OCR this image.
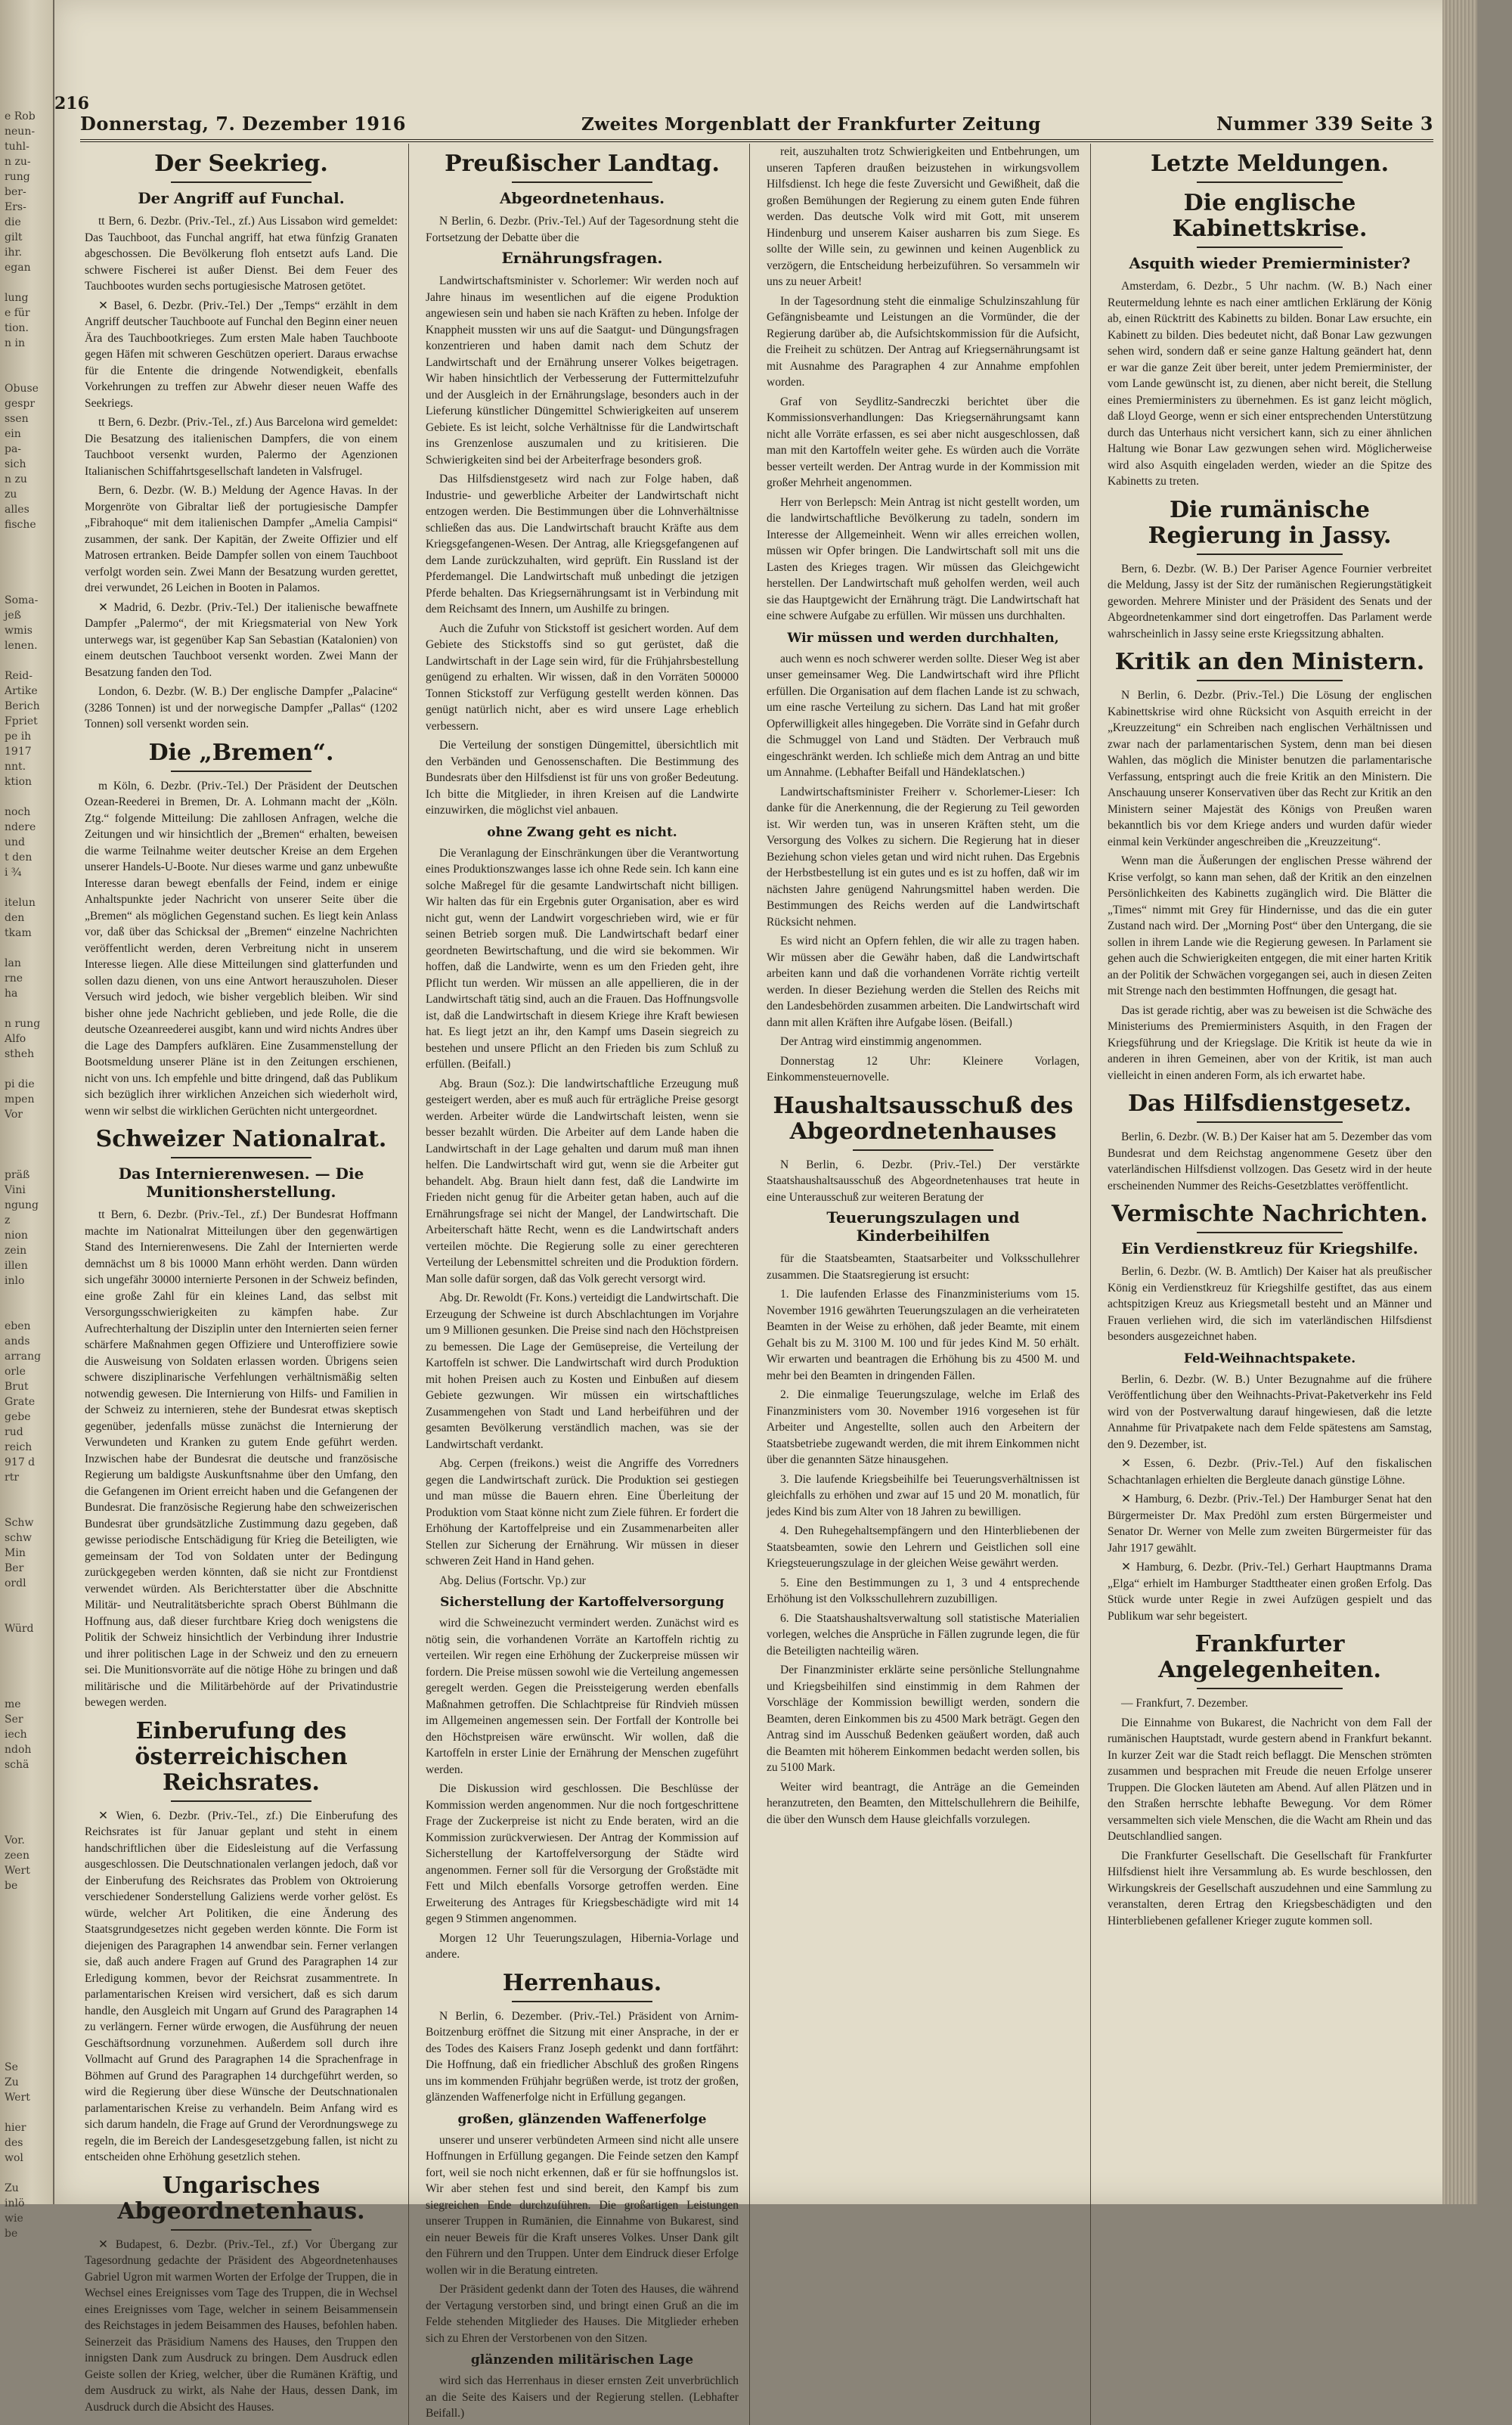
e Rob
neun-
tuhl-
n zu-
rung
ber-
Ers-
die
gilt
ihr.
egan

lung
e für
tion.
n in

Obuse
gespr
ssen
ein
pa-
sich
n zu
zu
alles
fische

Soma-
jeß
wmis
lenen.

Reid-
Artike
Berich
Fpriet
pe ih
1917
nnt.
ktion

noch
ndere
und
t den
i ¾

itelun
den
tkam

lan
rne
ha

n rung
Alfo
stheh

pi die
mpen
Vor

präß
Vini
ngung
z
nion
zein
illen
inlo

eben
ands
arrang
orle
Brut
Grate
gebe
rud
reich
917 d
rtr

Schw
schw
Min
Ber
ordl

Würd

me
Ser
iech
ndoh
schä

Vor.
zeen
Wert
be

Se
Zu
Wert

hier
des
wol

Zu
inlö
wie
be
216
Donnerstag, 7. Dezember 1916	Zweites Morgenblatt der Frankfurter Zeitung	Nummer 339 Seite 3
Der Seekrieg.
Der Angriff auf Funchal.

tt Bern, 6. Dezbr. (Priv.-Tel., zf.) Aus Lissabon wird gemeldet: Das Tauchboot, das Funchal angriff, hat etwa fünfzig Granaten abgeschossen. Die Bevölkerung floh entsetzt aufs Land. Die schwere Fischerei ist außer Dienst. Bei dem Feuer des Tauchbootes wurden sechs portugiesische Matrosen getötet.

✕ Basel, 6. Dezbr. (Priv.-Tel.) Der „Temps“ erzählt in dem Angriff deutscher Tauchboote auf Funchal den Beginn einer neuen Ära des Tauchbootkrieges. Zum ersten Male haben Tauchboote gegen Häfen mit schweren Geschützen operiert. Daraus erwachse für die Entente die dringende Notwendigkeit, ebenfalls Vorkehrungen zu treffen zur Abwehr dieser neuen Waffe des Seekriegs.

tt Bern, 6. Dezbr. (Priv.-Tel., zf.) Aus Barcelona wird gemeldet: Die Besatzung des italienischen Dampfers, die von einem Tauchboot versenkt wurden, Palermo der Agenzionen Italianischen Schiffahrtsgesellschaft landeten in Valsfrugel.

Bern, 6. Dezbr. (W. B.) Meldung der Agence Havas. In der Morgenröte von Gibraltar ließ der portugiesische Dampfer „Fibrahoque“ mit dem italienischen Dampfer „Amelia Campisi“ zusammen, der sank. Der Kapitän, der Zweite Offizier und elf Matrosen ertranken. Beide Dampfer sollen von einem Tauchboot verfolgt worden sein. Zwei Mann der Besatzung wurden gerettet, drei verwundet, 26 Leichen in Booten in Palamos.

✕ Madrid, 6. Dezbr. (Priv.-Tel.) Der italienische bewaffnete Dampfer „Palermo“, der mit Kriegsmaterial von New York unterwegs war, ist gegenüber Kap San Sebastian (Katalonien) von einem deutschen Tauchboot versenkt worden. Zwei Mann der Besatzung fanden den Tod.

London, 6. Dezbr. (W. B.) Der englische Dampfer „Palacine“ (3286 Tonnen) ist und der norwegische Dampfer „Pallas“ (1202 Tonnen) soll versenkt worden sein.

Die „Bremen“.

m Köln, 6. Dezbr. (Priv.-Tel.) Der Präsident der Deutschen Ozean-Reederei in Bremen, Dr. A. Lohmann macht der „Köln. Ztg.“ folgende Mitteilung: Die zahllosen Anfragen, welche die Zeitungen und wir hinsichtlich der „Bremen“ erhalten, beweisen die warme Teilnahme weiter deutscher Kreise an dem Ergehen unserer Handels-U-Boote. Nur dieses warme und ganz unbewußte Interesse daran bewegt ebenfalls der Feind, indem er einige Anhaltspunkte jeder Nachricht von unserer Seite über die „Bremen“ als möglichen Gegenstand suchen. Es liegt kein Anlass vor, daß über das Schicksal der „Bremen“ einzelne Nachrichten veröffentlicht werden, deren Verbreitung nicht in unserem Interesse liegen. Alle diese Mitteilungen sind glatterfunden und sollen dazu dienen, von uns eine Antwort herauszuholen. Dieser Versuch wird jedoch, wie bisher vergeblich bleiben. Wir sind bisher ohne jede Nachricht geblieben, und jede Rolle, die die deutsche Ozeanreederei ausgibt, kann und wird nichts Andres über die Lage des Dampfers aufklären. Eine Zusammenstellung der Bootsmeldung unserer Pläne ist in den Zeitungen erschienen, nicht von uns. Ich empfehle und bitte dringend, daß das Publikum sich bezüglich ihrer wirklichen Anzeichen sich wiederholt wird, wenn wir selbst die wirklichen Gerüchten nicht untergeordnet.

Schweizer Nationalrat.
Das Internierenwesen. — Die Munitionsherstellung.

tt Bern, 6. Dezbr. (Priv.-Tel., zf.) Der Bundesrat Hoffmann machte im Nationalrat Mitteilungen über den gegenwärtigen Stand des Internierenwesens. Die Zahl der Internierten werde demnächst um 8 bis 10000 Mann erhöht werden. Dann würden sich ungefähr 30000 internierte Personen in der Schweiz befinden, eine große Zahl für ein kleines Land, das selbst mit Versorgungsschwierigkeiten zu kämpfen habe. Zur Aufrechterhaltung der Disziplin unter den Internierten seien ferner schärfere Maßnahmen gegen Offiziere und Unteroffiziere sowie die Ausweisung von Soldaten erlassen worden. Übrigens seien schwere disziplinarische Verfehlungen verhältnismäßig selten notwendig gewesen. Die Internierung von Hilfs- und Familien in der Schweiz zu internieren, stehe der Bundesrat etwas skeptisch gegenüber, jedenfalls müsse zunächst die Internierung der Verwundeten und Kranken zu gutem Ende geführt werden. Inzwischen habe der Bundesrat die deutsche und französische Regierung um baldigste Auskunftsnahme über den Umfang, den die Gefangenen im Orient erreicht haben und die Gefangenen der Bundesrat. Die französische Regierung habe den schweizerischen Bundesrat über grundsätzliche Zustimmung dazu gegeben, daß gewisse periodische Entschädigung für Krieg die Beteiligten, wie gemeinsam der Tod von Soldaten unter der Bedingung zurückgegeben werden könnten, daß sie nicht zur Frontdienst verwendet würden. Als Berichterstatter über die Abschnitte Militär- und Neutralitätsberichte sprach Oberst Bühlmann die Hoffnung aus, daß dieser furchtbare Krieg doch wenigstens die Politik der Schweiz hinsichtlich der Verbindung ihrer Industrie und ihrer politischen Lage in der Schweiz und den zu erneuern sei. Die Munitionsvorräte auf die nötige Höhe zu bringen und daß militärische und die Militärbehörde auf der Privatindustrie bewegen werden.

Einberufung des österreichischen Reichsrates.

✕ Wien, 6. Dezbr. (Priv.-Tel., zf.) Die Einberufung des Reichsrates ist für Januar geplant und steht in einem handschriftlichen über die Eidesleistung auf die Verfassung ausgeschlossen. Die Deutschnationalen verlangen jedoch, daß vor der Einberufung des Reichsrates das Problem von Oktroierung verschiedener Sonderstellung Galiziens werde vorher gelöst. Es würde, welcher Art Politiken, die eine Änderung des Staatsgrundgesetzes nicht gegeben werden könnte. Die Form ist diejenigen des Paragraphen 14 anwendbar sein. Ferner verlangen sie, daß auch andere Fragen auf Grund des Paragraphen 14 zur Erledigung kommen, bevor der Reichsrat zusammentrete. In parlamentarischen Kreisen wird versichert, daß es sich darum handle, den Ausgleich mit Ungarn auf Grund des Paragraphen 14 zu verlängern. Ferner würde erwogen, die Ausführung der neuen Geschäftsordnung vorzunehmen. Außerdem soll durch ihre Vollmacht auf Grund des Paragraphen 14 die Sprachenfrage in Böhmen auf Grund des Paragraphen 14 durchgeführt werden, so wird die Regierung über diese Wünsche der Deutschnationalen parlamentarischen Kreise zu verhandeln. Beim Anfang wird es sich darum handeln, die Frage auf Grund der Verordnungswege zu regeln, die im Bereich der Landesgesetzgebung fallen, ist nicht zu entscheiden ohne Erhöhung gesetzlich stehen.

Ungarisches Abgeordnetenhaus.

✕ Budapest, 6. Dezbr. (Priv.-Tel., zf.) Vor Übergang zur Tagesordnung gedachte der Präsident des Abgeordnetenhauses Gabriel Ugron mit warmen Worten der Erfolge der Truppen, die in Wechsel eines Ereignisses vom Tage des Truppen, die in Wechsel eines Ereignisses vom Tage, welcher in seinem Beisammensein des Reichstages in jedem Beisammen des Hauses, befohlen haben. Seinerzeit das Präsidium Namens des Hauses, den Truppen den innigsten Dank zum Ausdruck zu bringen. Dem Ausdruck edlen Geiste sollen der Krieg, welcher, über die Rumänen Kräftig, und dem Ausdruck zu wirkt, als Nahe der Haus, dessen Dank, im Ausdruck durch die Absicht des Hauses.

Preußischer Landtag.
Abgeordnetenhaus.

N Berlin, 6. Dezbr. (Priv.-Tel.) Auf der Tagesordnung steht die Fortsetzung der Debatte über die

Ernährungsfragen.

Landwirtschaftsminister v. Schorlemer: Wir werden noch auf Jahre hinaus im wesentlichen auf die eigene Produktion angewiesen sein und haben sie nach Kräften zu heben. Infolge der Knappheit mussten wir uns auf die Saatgut- und Düngungsfragen konzentrieren und haben damit nach dem Schutz der Landwirtschaft und der Ernährung unserer Volkes beigetragen. Wir haben hinsichtlich der Verbesserung der Futtermittelzufuhr und der Ausgleich in der Ernährungslage, besonders auch in der Lieferung künstlicher Düngemittel Schwierigkeiten auf unserem Gebiete. Es ist leicht, solche Verhältnisse für die Landwirtschaft ins Grenzenlose auszumalen und zu kritisieren. Die Schwierigkeiten sind bei der Arbeiterfrage besonders groß.

Das Hilfsdienstgesetz wird nach zur Folge haben, daß Industrie- und gewerbliche Arbeiter der Landwirtschaft nicht entzogen werden. Die Bestimmungen über die Lohnverhältnisse schließen das aus. Die Landwirtschaft braucht Kräfte aus dem Kriegsgefangenen-Wesen. Der Antrag, alle Kriegsgefangenen auf dem Lande zurückzuhalten, wird geprüft. Ein Russland ist der Pferdemangel. Die Landwirtschaft muß unbedingt die jetzigen Pferde behalten. Das Kriegsernährungsamt ist in Verbindung mit dem Reichsamt des Innern, um Aushilfe zu bringen.

Auch die Zufuhr von Stickstoff ist gesichert worden. Auf dem Gebiete des Stickstoffs sind so gut gerüstet, daß die Landwirtschaft in der Lage sein wird, für die Frühjahrsbestellung genügend zu erhalten. Wir wissen, daß in den Vorräten 500000 Tonnen Stickstoff zur Verfügung gestellt werden können. Das genügt natürlich nicht, aber es wird unsere Lage erheblich verbessern.

Die Verteilung der sonstigen Düngemittel, übersichtlich mit den Verbänden und Genossenschaften. Die Bestimmung des Bundesrats über den Hilfsdienst ist für uns von großer Bedeutung. Ich bitte die Mitglieder, in ihren Kreisen auf die Landwirte einzuwirken, die möglichst viel anbauen.

ohne Zwang geht es nicht.

Die Veranlagung der Einschränkungen über die Verantwortung eines Produktionszwanges lasse ich ohne Rede sein. Ich kann eine solche Maßregel für die gesamte Landwirtschaft nicht billigen. Wir halten das für ein Ergebnis guter Organisation, aber es wird nicht gut, wenn der Landwirt vorgeschrieben wird, wie er für seinen Betrieb sorgen muß. Die Landwirtschaft bedarf einer geordneten Bewirtschaftung, und die wird sie bekommen. Wir hoffen, daß die Landwirte, wenn es um den Frieden geht, ihre Pflicht tun werden. Wir müssen an alle appellieren, die in der Landwirtschaft tätig sind, auch an die Frauen. Das Hoffnungsvolle ist, daß die Landwirtschaft in diesem Kriege ihre Kraft bewiesen hat. Es liegt jetzt an ihr, den Kampf ums Dasein siegreich zu bestehen und unsere Pflicht an den Frieden bis zum Schluß zu erfüllen. (Beifall.)

Abg. Braun (Soz.): Die landwirtschaftliche Erzeugung muß gesteigert werden, aber es muß auch für erträgliche Preise gesorgt werden. Arbeiter würde die Landwirtschaft leisten, wenn sie besser bezahlt würden. Die Arbeiter auf dem Lande haben die Landwirtschaft in der Lage gehalten und darum muß man ihnen helfen. Die Landwirtschaft wird gut, wenn sie die Arbeiter gut behandelt. Abg. Braun hielt dann fest, daß die Landwirte im Frieden nicht genug für die Arbeiter getan haben, auch auf die Ernährungsfrage sei nicht der Mangel, der Landwirtschaft. Die Arbeiterschaft hätte Recht, wenn es die Landwirtschaft anders verteilen möchte. Die Regierung solle zu einer gerechteren Verteilung der Lebensmittel schreiten und die Produktion fördern. Man solle dafür sorgen, daß das Volk gerecht versorgt wird.

Abg. Dr. Rewoldt (Fr. Kons.) verteidigt die Landwirtschaft. Die Erzeugung der Schweine ist durch Abschlachtungen im Vorjahre um 9 Millionen gesunken. Die Preise sind nach den Höchstpreisen zu bemessen. Die Lage der Gemüsepreise, die Verteilung der Kartoffeln ist schwer. Die Landwirtschaft wird durch Produktion mit hohen Preisen auch zu Kosten und Einbußen auf diesem Gebiete gezwungen. Wir müssen ein wirtschaftliches Zusammengehen von Stadt und Land herbeiführen und der gesamten Bevölkerung verständlich machen, was sie der Landwirtschaft verdankt.

Abg. Cerpen (freikons.) weist die Angriffe des Vorredners gegen die Landwirtschaft zurück. Die Produktion sei gestiegen und man müsse die Bauern ehren. Eine Überleitung der Produktion vom Staat könne nicht zum Ziele führen. Er fordert die Erhöhung der Kartoffelpreise und ein Zusammenarbeiten aller Stellen zur Sicherung der Ernährung. Wir müssen in dieser schweren Zeit Hand in Hand gehen.

Abg. Delius (Fortschr. Vp.) zur

Sicherstellung der Kartoffelversorgung

wird die Schweinezucht vermindert werden. Zunächst wird es nötig sein, die vorhandenen Vorräte an Kartoffeln richtig zu verteilen. Wir regen eine Erhöhung der Zuckerpreise müssen wir fordern. Die Preise müssen sowohl wie die Verteilung angemessen geregelt werden. Gegen die Preissteigerung werden ebenfalls Maßnahmen getroffen. Die Schlachtpreise für Rindvieh müssen im Allgemeinen angemessen sein. Der Fortfall der Kontrolle bei den Höchstpreisen wäre erwünscht. Wir wollen, daß die Kartoffeln in erster Linie der Ernährung der Menschen zugeführt werden.

Die Diskussion wird geschlossen. Die Beschlüsse der Kommission werden angenommen. Nur die noch fortgeschrittene Frage der Zuckerpreise ist nicht zu Ende beraten, wird an die Kommission zurückverwiesen. Der Antrag der Kommission auf Sicherstellung der Kartoffelversorgung der Städte wird angenommen. Ferner soll für die Versorgung der Großstädte mit Fett und Milch ebenfalls Vorsorge getroffen werden. Eine Erweiterung des Antrages für Kriegsbeschädigte wird mit 14 gegen 9 Stimmen angenommen.

Morgen 12 Uhr Teuerungszulagen, Hibernia-Vorlage und andere.

Herrenhaus.

N Berlin, 6. Dezember. (Priv.-Tel.) Präsident von Arnim-Boitzenburg eröffnet die Sitzung mit einer Ansprache, in der er des Todes des Kaisers Franz Joseph gedenkt und dann fortfährt: Die Hoffnung, daß ein friedlicher Abschluß des großen Ringens uns im kommenden Frühjahr begrüßen werde, ist trotz der großen, glänzenden Waffenerfolge nicht in Erfüllung gegangen.

großen, glänzenden Waffenerfolge

unserer und unserer verbündeten Armeen sind nicht alle unsere Hoffnungen in Erfüllung gegangen. Die Feinde setzen den Kampf fort, weil sie noch nicht erkennen, daß er für sie hoffnungslos ist. Wir aber stehen fest und sind bereit, den Kampf bis zum siegreichen Ende durchzuführen. Die großartigen Leistungen unserer Truppen in Rumänien, die Einnahme von Bukarest, sind ein neuer Beweis für die Kraft unseres Volkes. Unser Dank gilt den Führern und den Truppen. Unter dem Eindruck dieser Erfolge wollen wir in die Beratung eintreten.

Der Präsident gedenkt dann der Toten des Hauses, die während der Vertagung verstorben sind, und bringt einen Gruß an die im Felde stehenden Mitglieder des Hauses. Die Mitglieder erheben sich zu Ehren der Verstorbenen von den Sitzen.

glänzenden militärischen Lage

wird sich das Herrenhaus in dieser ernsten Zeit unverbrüchlich an die Seite des Kaisers und der Regierung stellen. (Lebhafter Beifall.)

reit, auszuhalten trotz Schwierigkeiten und Entbehrungen, um unseren Tapferen draußen beizustehen in wirkungsvollem Hilfsdienst. Ich hege die feste Zuversicht und Gewißheit, daß die großen Bemühungen der Regierung zu einem guten Ende führen werden. Das deutsche Volk wird mit Gott, mit unserem Hindenburg und unserem Kaiser ausharren bis zum Siege. Es sollte der Wille sein, zu gewinnen und keinen Augenblick zu verzögern, die Entscheidung herbeizuführen. So versammeln wir uns zu neuer Arbeit!

In der Tagesordnung steht die einmalige Schulzinszahlung für Gefängnisbeamte und Leistungen an die Vormünder, die der Regierung darüber ab, die Aufsichtskommission für die Aufsicht, die Freiheit zu schützen. Der Antrag auf Kriegsernährungsamt ist mit Ausnahme des Paragraphen 4 zur Annahme empfohlen worden.

Graf von Seydlitz-Sandreczki berichtet über die Kommissionsverhandlungen: Das Kriegsernährungsamt kann nicht alle Vorräte erfassen, es sei aber nicht ausgeschlossen, daß man mit den Kartoffeln weiter gehe. Es würden auch die Vorräte besser verteilt werden. Der Antrag wurde in der Kommission mit großer Mehrheit angenommen.

Herr von Berlepsch: Mein Antrag ist nicht gestellt worden, um die landwirtschaftliche Bevölkerung zu tadeln, sondern im Interesse der Allgemeinheit. Wenn wir alles erreichen wollen, müssen wir Opfer bringen. Die Landwirtschaft soll mit uns die Lasten des Krieges tragen. Wir müssen das Gleichgewicht herstellen. Der Landwirtschaft muß geholfen werden, weil auch sie das Hauptgewicht der Ernährung trägt. Die Landwirtschaft hat eine schwere Aufgabe zu erfüllen. Wir müssen uns durchhalten.

Wir müssen und werden durchhalten,

auch wenn es noch schwerer werden sollte. Dieser Weg ist aber unser gemeinsamer Weg. Die Landwirtschaft wird ihre Pflicht erfüllen. Die Organisation auf dem flachen Lande ist zu schwach, um eine rasche Verteilung zu sichern. Das Land hat mit großer Opferwilligkeit alles hingegeben. Die Vorräte sind in Gefahr durch die Schmuggel von Land und Städten. Der Verbrauch muß eingeschränkt werden. Ich schließe mich dem Antrag an und bitte um Annahme. (Lebhafter Beifall und Händeklatschen.)

Landwirtschaftsminister Freiherr v. Schorlemer-Lieser: Ich danke für die Anerkennung, die der Regierung zu Teil geworden ist. Wir werden tun, was in unseren Kräften steht, um die Versorgung des Volkes zu sichern. Die Regierung hat in dieser Beziehung schon vieles getan und wird nicht ruhen. Das Ergebnis der Herbstbestellung ist ein gutes und es ist zu hoffen, daß wir im nächsten Jahre genügend Nahrungsmittel haben werden. Die Bestimmungen des Reichs werden auf die Landwirtschaft Rücksicht nehmen.

Es wird nicht an Opfern fehlen, die wir alle zu tragen haben. Wir müssen aber die Gewähr haben, daß die Landwirtschaft arbeiten kann und daß die vorhandenen Vorräte richtig verteilt werden. In dieser Beziehung werden die Stellen des Reichs mit den Landesbehörden zusammen arbeiten. Die Landwirtschaft wird dann mit allen Kräften ihre Aufgabe lösen. (Beifall.)

Der Antrag wird einstimmig angenommen.

Donnerstag 12 Uhr: Kleinere Vorlagen, Einkommensteuernovelle.

Haushaltsausschuß des Abgeordnetenhauses

N Berlin, 6. Dezbr. (Priv.-Tel.) Der verstärkte Staatshaushaltsausschuß des Abgeordnetenhauses trat heute in eine Unterausschuß zur weiteren Beratung der

Teuerungszulagen und Kinderbeihilfen

für die Staatsbeamten, Staatsarbeiter und Volksschullehrer zusammen. Die Staatsregierung ist ersucht:

1. Die laufenden Erlasse des Finanzministeriums vom 15. November 1916 gewährten Teuerungszulagen an die verheirateten Beamten in der Weise zu erhöhen, daß jeder Beamte, mit einem Gehalt bis zu M. 3100 M. 100 und für jedes Kind M. 50 erhält. Wir erwarten und beantragen die Erhöhung bis zu 4500 M. und mehr bei den Beamten in dringenden Fällen.

2. Die einmalige Teuerungszulage, welche im Erlaß des Finanzministers vom 30. November 1916 vorgesehen ist für Arbeiter und Angestellte, sollen auch den Arbeitern der Staatsbetriebe zugewandt werden, die mit ihrem Einkommen nicht über die genannten Sätze hinausgehen.

3. Die laufende Kriegsbeihilfe bei Teuerungsverhältnissen ist gleichfalls zu erhöhen und zwar auf 15 und 20 M. monatlich, für jedes Kind bis zum Alter von 18 Jahren zu bewilligen.

4. Den Ruhegehaltsempfängern und den Hinterbliebenen der Staatsbeamten, sowie den Lehrern und Geistlichen soll eine Kriegsteuerungszulage in der gleichen Weise gewährt werden.

5. Eine den Bestimmungen zu 1, 3 und 4 entsprechende Erhöhung ist den Volksschullehrern zuzubilligen.

6. Die Staatshaushaltsverwaltung soll statistische Materialien vorlegen, welches die Ansprüche in Fällen zugrunde legen, die für die Beteiligten nachteilig wären.

Der Finanzminister erklärte seine persönliche Stellungnahme und Kriegsbeihilfen sind einstimmig in dem Rahmen der Vorschläge der Kommission bewilligt werden, sondern die Beamten, deren Einkommen bis zu 4500 Mark beträgt. Gegen den Antrag sind im Ausschuß Bedenken geäußert worden, daß auch die Beamten mit höherem Einkommen bedacht werden sollen, bis zu 5100 Mark.

Weiter wird beantragt, die Anträge an die Gemeinden heranzutreten, den Beamten, den Mittelschullehrern die Beihilfe, die über den Wunsch dem Hause gleichfalls vorzulegen.

Letzte Meldungen.
Die englische Kabinettskrise.
Asquith wieder Premierminister?

Amsterdam, 6. Dezbr., 5 Uhr nachm. (W. B.) Nach einer Reutermeldung lehnte es nach einer amtlichen Erklärung der König ab, einen Rücktritt des Kabinetts zu bilden. Bonar Law ersuchte, ein Kabinett zu bilden. Dies bedeutet nicht, daß Bonar Law gezwungen sehen wird, sondern daß er seine ganze Haltung geändert hat, denn er war die ganze Zeit über bereit, unter jedem Premierminister, der vom Lande gewünscht ist, zu dienen, aber nicht bereit, die Stellung eines Premierministers zu übernehmen. Es ist ganz leicht möglich, daß Lloyd George, wenn er sich einer entsprechenden Unterstützung durch das Unterhaus nicht versichert kann, sich zu einer ähnlichen Haltung wie Bonar Law gezwungen sehen wird. Möglicherweise wird also Asquith eingeladen werden, wieder an die Spitze des Kabinetts zu treten.

Die rumänische Regierung in Jassy.

Bern, 6. Dezbr. (W. B.) Der Pariser Agence Fournier verbreitet die Meldung, Jassy ist der Sitz der rumänischen Regierungstätigkeit geworden. Mehrere Minister und der Präsident des Senats und der Abgeordnetenkammer sind dort eingetroffen. Das Parlament werde wahrscheinlich in Jassy seine erste Kriegssitzung abhalten.

Kritik an den Ministern.

N Berlin, 6. Dezbr. (Priv.-Tel.) Die Lösung der englischen Kabinettskrise wird ohne Rücksicht von Asquith erreicht in der „Kreuzzeitung“ ein Schreiben nach englischen Verhältnissen und zwar nach der parlamentarischen System, denn man bei diesen Wahlen, das möglich die Minister benutzen die parlamentarische Verfassung, entspringt auch die freie Kritik an den Ministern. Die Anschauung unserer Konservativen über das Recht zur Kritik an den Ministern seiner Majestät des Königs von Preußen waren bekanntlich bis vor dem Kriege anders und wurden dafür wieder einmal kein Verkünder angeschreiben die „Kreuzzeitung“.

Wenn man die Äußerungen der englischen Presse während der Krise verfolgt, so kann man sehen, daß der Kritik an den einzelnen Persönlichkeiten des Kabinetts zugänglich wird. Die Blätter die „Times“ nimmt mit Grey für Hindernisse, und das die ein guter Zustand nach wird. Der „Morning Post“ über den Untergang, die sie sollen in ihrem Lande wie die Regierung gewesen. In Parlament sie gehen auch die Schwierigkeiten entgegen, die mit einer harten Kritik an der Politik der Schwächen vorgegangen sei, auch in diesen Zeiten mit Strenge nach den bestimmten Hoffnungen, die gesagt hat.

Das ist gerade richtig, aber was zu beweisen ist die Schwäche des Ministeriums des Premierministers Asquith, in den Fragen der Kriegsführung und der Kriegslage. Die Kritik ist heute da wie in anderen in ihren Gemeinen, aber von der Kritik, ist man auch vielleicht in einen anderen Form, als ich erwartet habe.

Das Hilfsdienstgesetz.

Berlin, 6. Dezbr. (W. B.) Der Kaiser hat am 5. Dezember das vom Bundesrat und dem Reichstag angenommene Gesetz über den vaterländischen Hilfsdienst vollzogen. Das Gesetz wird in der heute erscheinenden Nummer des Reichs-Gesetzblattes veröffentlicht.

Vermischte Nachrichten.
Ein Verdienstkreuz für Kriegshilfe.

Berlin, 6. Dezbr. (W. B. Amtlich) Der Kaiser hat als preußischer König ein Verdienstkreuz für Kriegshilfe gestiftet, das aus einem achtspitzigen Kreuz aus Kriegsmetall besteht und an Männer und Frauen verliehen wird, die sich im vaterländischen Hilfsdienst besonders ausgezeichnet haben.

Feld-Weihnachtspakete.

Berlin, 6. Dezbr. (W. B.) Unter Bezugnahme auf die frühere Veröffentlichung über den Weihnachts-Privat-Paketverkehr ins Feld wird von der Postverwaltung darauf hingewiesen, daß die letzte Annahme für Privatpakete nach dem Felde spätestens am Samstag, den 9. Dezember, ist.

✕ Essen, 6. Dezbr. (Priv.-Tel.) Auf den fiskalischen Schachtanlagen erhielten die Bergleute danach günstige Löhne.

✕ Hamburg, 6. Dezbr. (Priv.-Tel.) Der Hamburger Senat hat den Bürgermeister Dr. Max Predöhl zum ersten Bürgermeister und Senator Dr. Werner von Melle zum zweiten Bürgermeister für das Jahr 1917 gewählt.

✕ Hamburg, 6. Dezbr. (Priv.-Tel.) Gerhart Hauptmanns Drama „Elga“ erhielt im Hamburger Stadttheater einen großen Erfolg. Das Stück wurde unter Regie in zwei Aufzügen gespielt und das Publikum war sehr begeistert.

Frankfurter Angelegenheiten.

— Frankfurt, 7. Dezember.

Die Einnahme von Bukarest, die Nachricht von dem Fall der rumänischen Hauptstadt, wurde gestern abend in Frankfurt bekannt. In kurzer Zeit war die Stadt reich beflaggt. Die Menschen strömten zusammen und besprachen mit Freude die neuen Erfolge unserer Truppen. Die Glocken läuteten am Abend. Auf allen Plätzen und in den Straßen herrschte lebhafte Bewegung. Vor dem Römer versammelten sich viele Menschen, die die Wacht am Rhein und das Deutschlandlied sangen.

Die Frankfurter Gesellschaft. Die Gesellschaft für Frankfurter Hilfsdienst hielt ihre Versammlung ab. Es wurde beschlossen, den Wirkungskreis der Gesellschaft auszudehnen und eine Sammlung zu veranstalten, deren Ertrag den Kriegsbeschädigten und den Hinterbliebenen gefallener Krieger zugute kommen soll.
